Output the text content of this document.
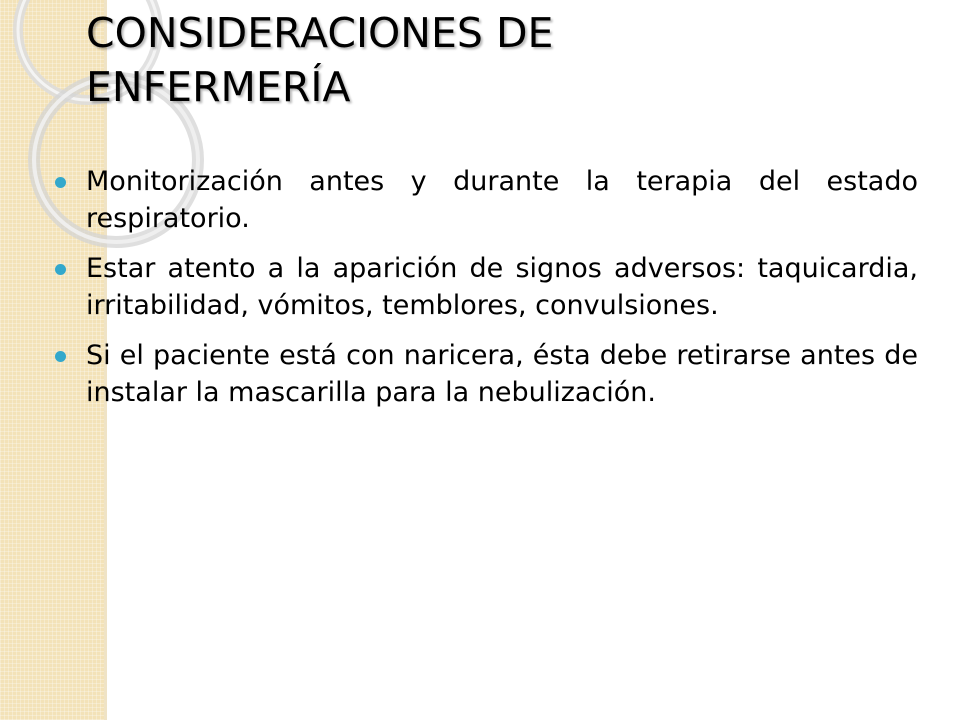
CONSIDERACIONES DE
ENFERMERÍA
Monitorización antes y durante la terapia del estado respiratorio.
Estar atento a la aparición de signos adversos: taquicardia, irritabilidad, vómitos, temblores, convulsiones.
Si el paciente está con naricera, ésta debe retirarse antes de instalar la mascarilla para la nebulización.
